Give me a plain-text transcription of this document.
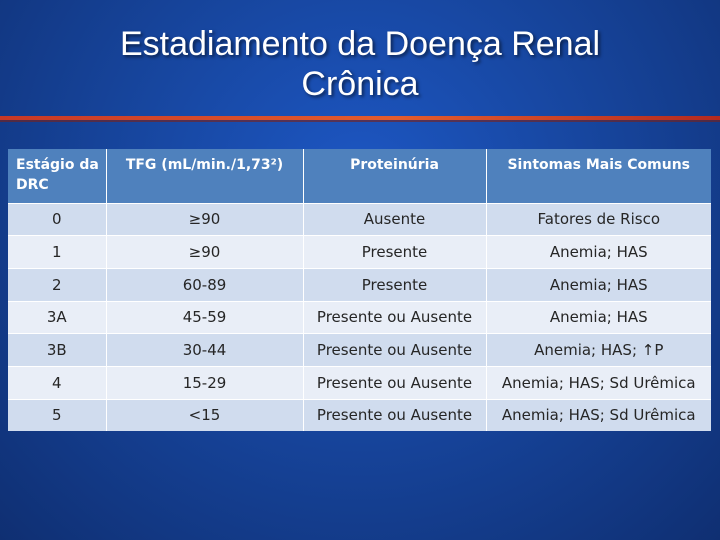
Estadiamento da Doença Renal
Crônica
Estágio da DRC	TFG (mL/min./1,73²)	Proteinúria	Sintomas Mais Comuns
0	≥90	Ausente	Fatores de Risco
1	≥90	Presente	Anemia; HAS
2	60-89	Presente	Anemia; HAS
3A	45-59	Presente ou Ausente	Anemia; HAS
3B	30-44	Presente ou Ausente	Anemia; HAS; ↑P
4	15-29	Presente ou Ausente	Anemia; HAS; Sd Urêmica
5	<15	Presente ou Ausente	Anemia; HAS; Sd Urêmica
